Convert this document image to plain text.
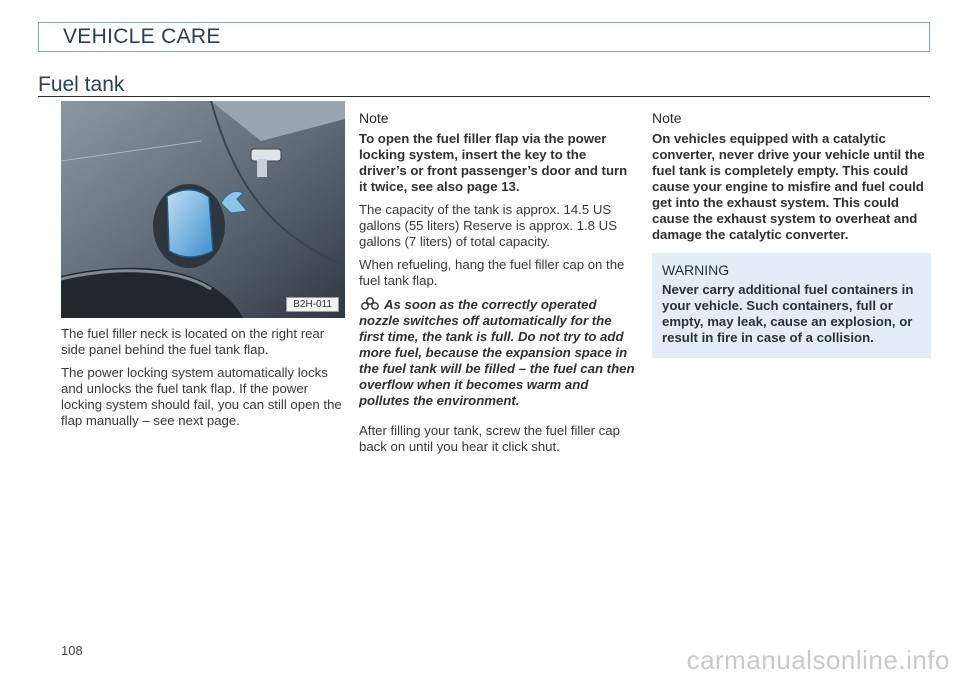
VEHICLE CARE
Fuel tank
B2H-011

The fuel filler neck is located on the right rear side panel behind the fuel tank flap.

The power locking system automatically locks and unlocks the fuel tank flap. If the power locking system should fail, you can still open the flap manually – see next page.

Note

To open the fuel filler flap via the power locking system, insert the key to the driver’s or front passenger’s door and turn it twice, see also page 13.

The capacity of the tank is approx. 14.5 US gallons (55 liters) Reserve is approx. 1.8 US gallons (7 liters) of total capacity.

When refueling, hang the fuel filler cap on the fuel tank flap.

As soon as the correctly operated nozzle switches off automatically for the first time, the tank is full. Do not try to add more fuel, because the expansion space in the fuel tank will be filled – the fuel can then overflow when it becomes warm and pollutes the environment.

After filling your tank, screw the fuel filler cap back on until you hear it click shut.

Note

On vehicles equipped with a catalytic converter, never drive your vehicle until the fuel tank is completely empty. This could cause your engine to misfire and fuel could get into the exhaust system. This could cause the exhaust system to overheat and damage the catalytic converter.

WARNING
Never carry additional fuel containers in your vehicle. Such containers, full or empty, may leak, cause an explosion, or result in fire in case of a collision.
108	carmanualsonline.info
